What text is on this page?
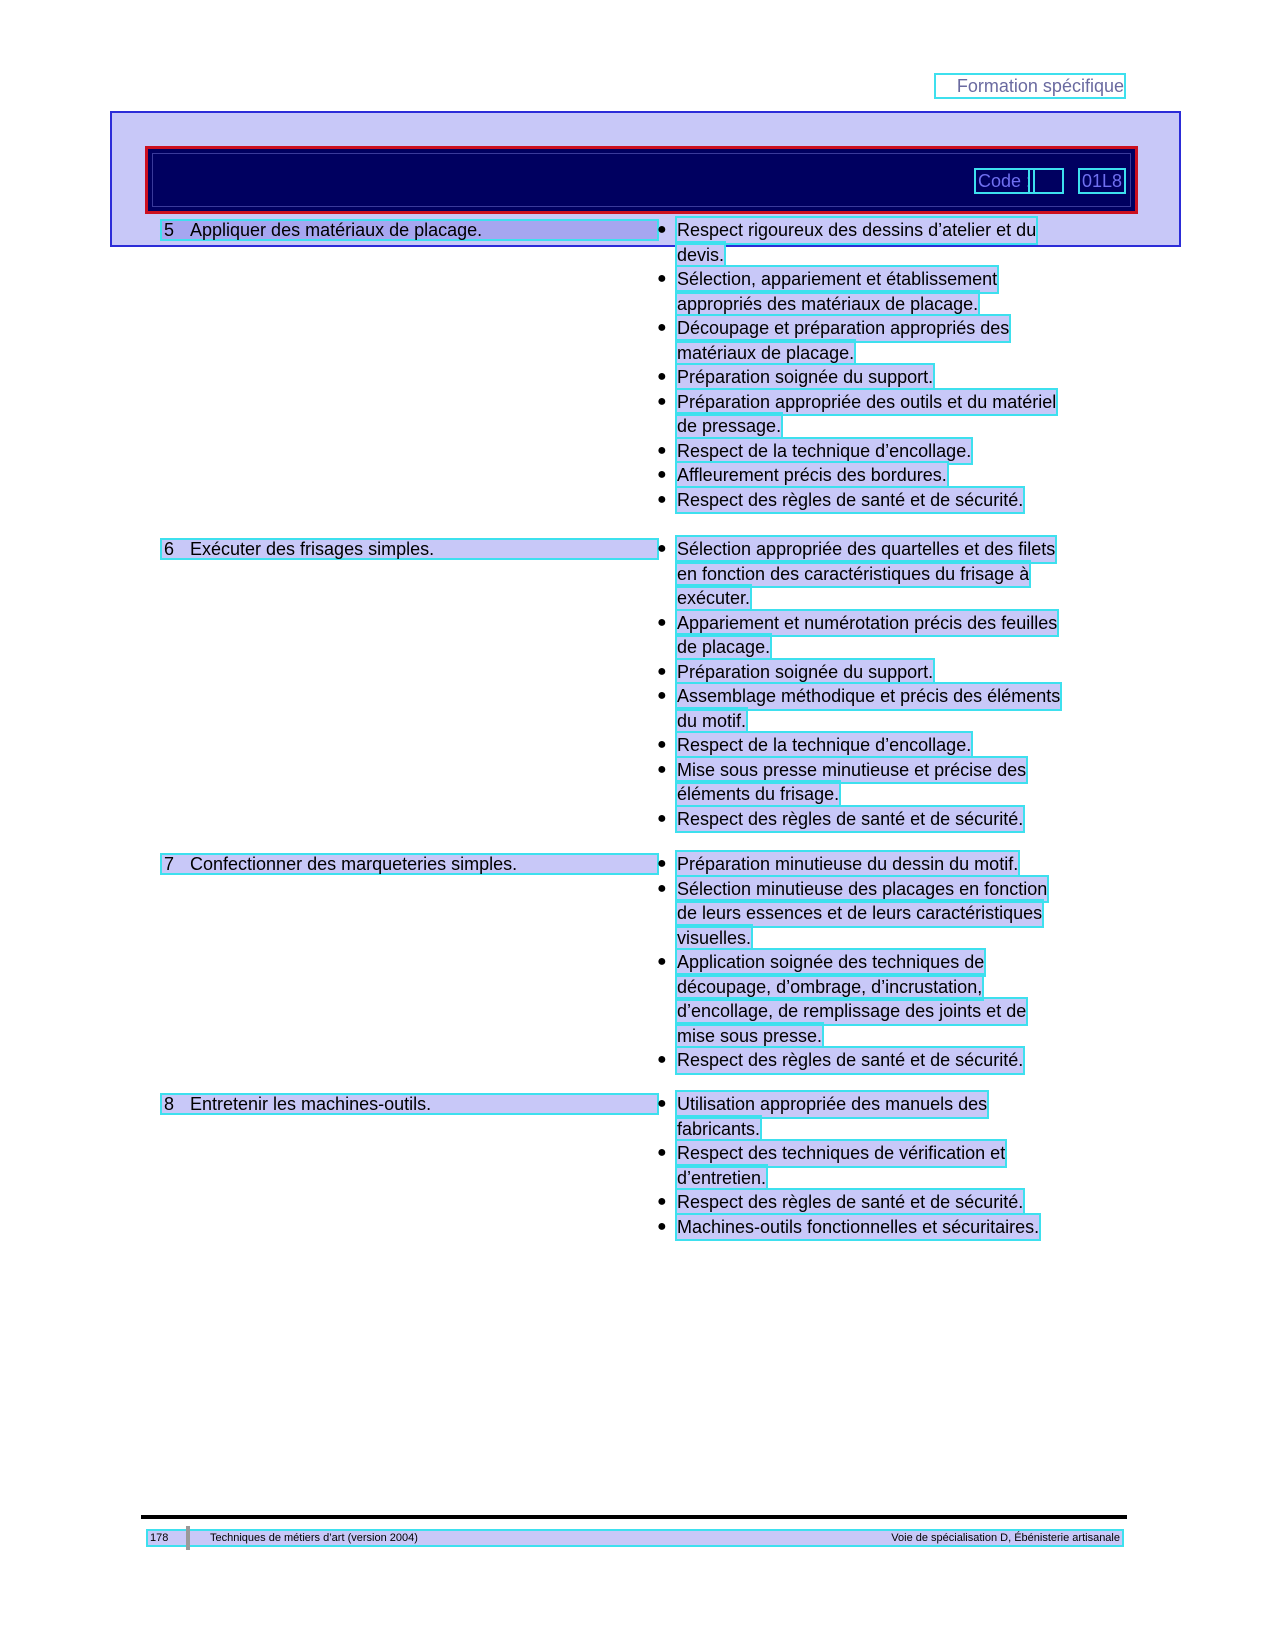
Formation spécifique
Code :	01L8
5 Appliquer des matériaux de placage.	● Respect rigoureux des dessins d’atelier et du
devis.
● Sélection, appariement et établissement
appropriés des matériaux de placage.
● Découpage et préparation appropriés des
matériaux de placage.
● Préparation soignée du support.
● Préparation appropriée des outils et du matériel
de pressage.
● Respect de la technique d’encollage.
● Affleurement précis des bordures.
● Respect des règles de santé et de sécurité.
6 Exécuter des frisages simples.	● Sélection appropriée des quartelles et des filets
en fonction des caractéristiques du frisage à
exécuter.
● Appariement et numérotation précis des feuilles
de placage.
● Préparation soignée du support.
● Assemblage méthodique et précis des éléments
du motif.
● Respect de la technique d’encollage.
● Mise sous presse minutieuse et précise des
éléments du frisage.
● Respect des règles de santé et de sécurité.
7 Confectionner des marqueteries simples.	● Préparation minutieuse du dessin du motif.
● Sélection minutieuse des placages en fonction
de leurs essences et de leurs caractéristiques
visuelles.
● Application soignée des techniques de
découpage, d’ombrage, d’incrustation,
d’encollage, de remplissage des joints et de
mise sous presse.
● Respect des règles de santé et de sécurité.
8 Entretenir les machines-outils.	● Utilisation appropriée des manuels des
fabricants.
● Respect des techniques de vérification et
d’entretien.
● Respect des règles de santé et de sécurité.
● Machines-outils fonctionnelles et sécuritaires.
178	Techniques de métiers d’art (version 2004)	Voie de spécialisation D, Ébénisterie artisanale
